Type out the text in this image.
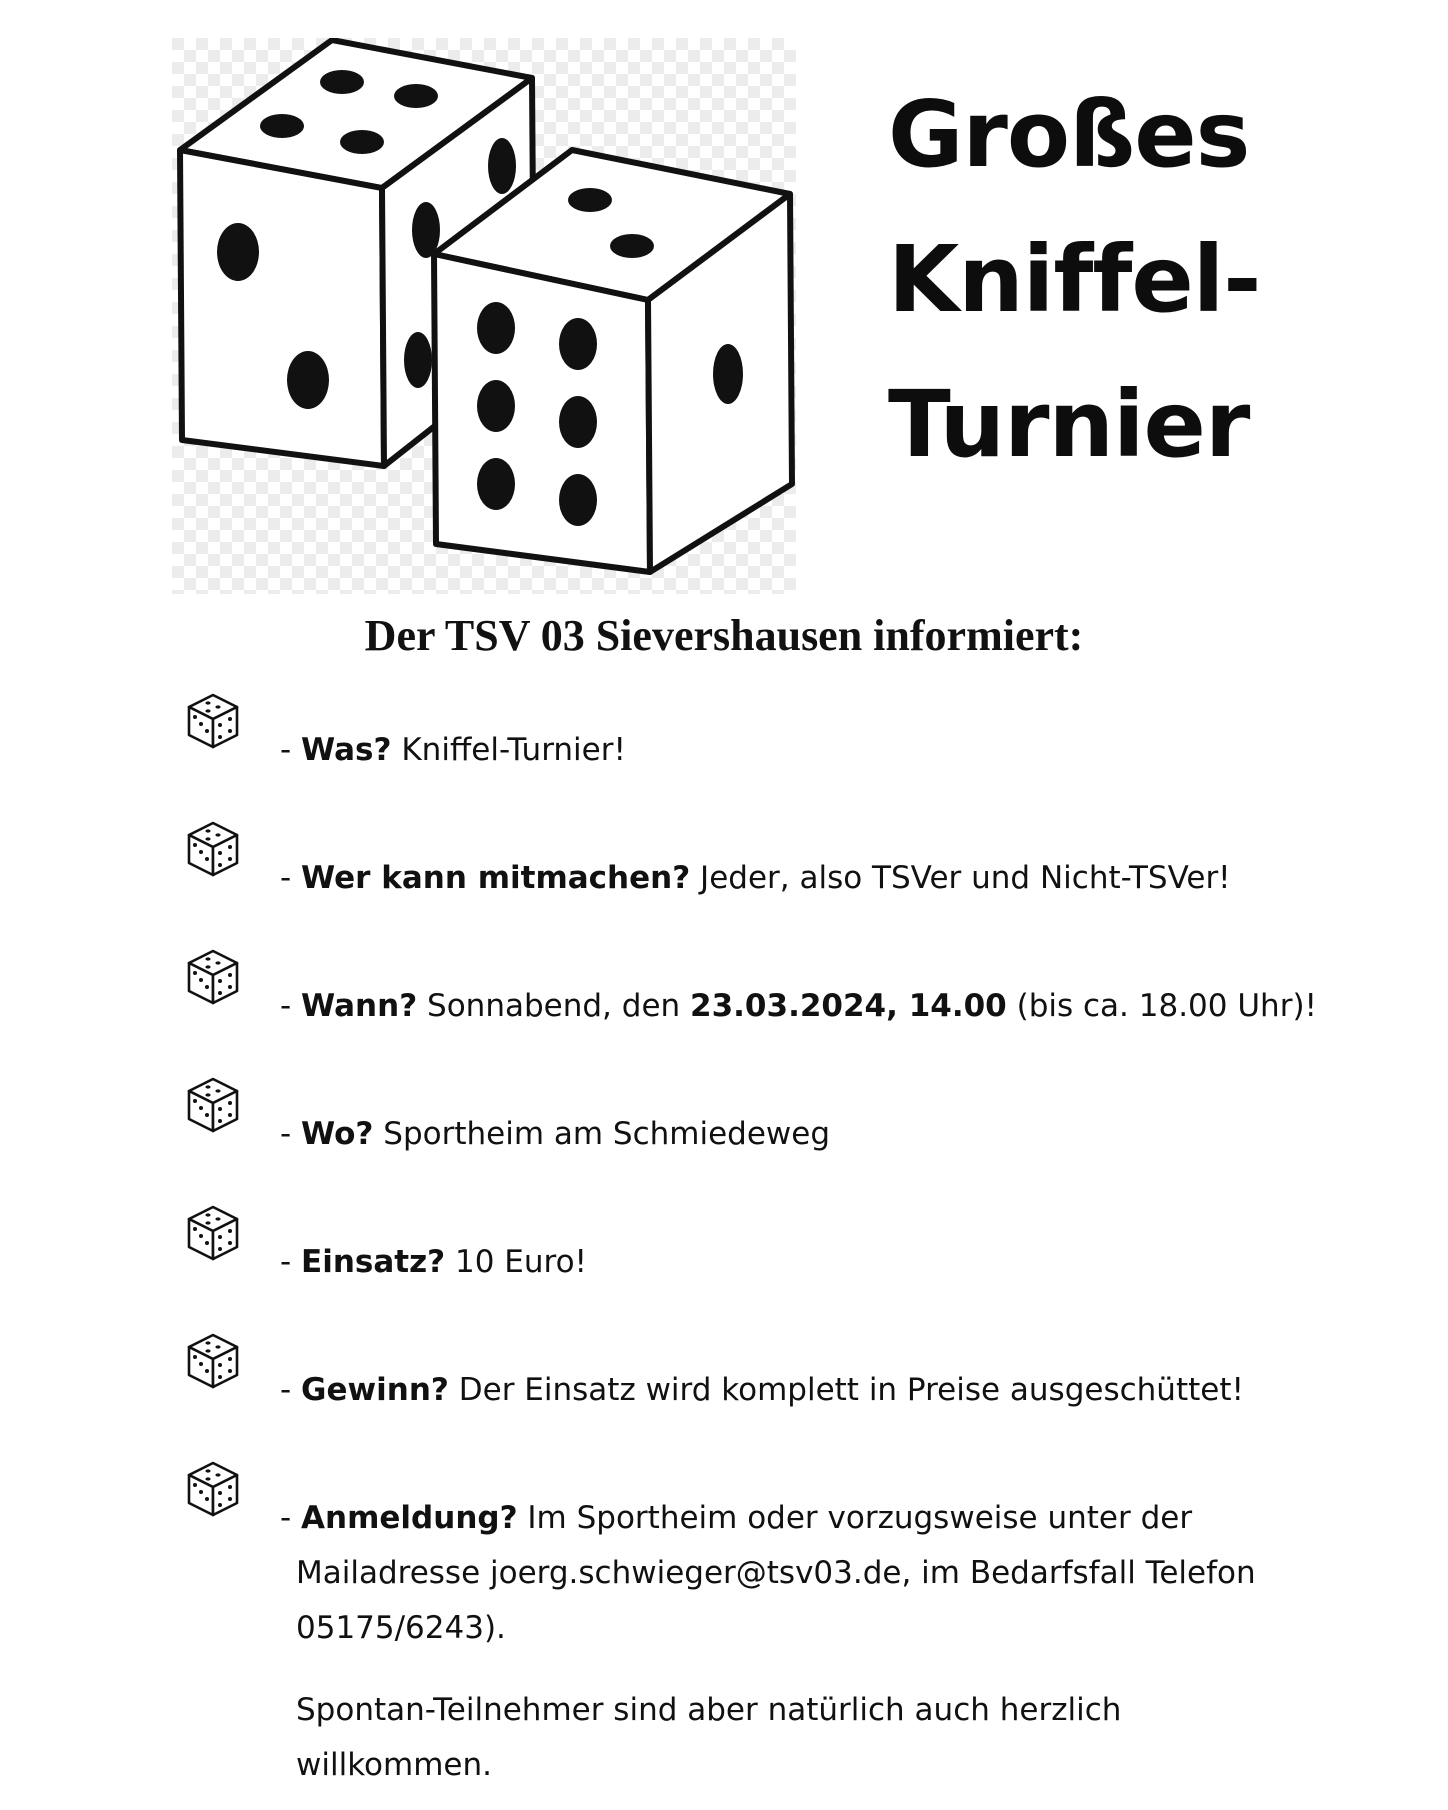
Großes
Kniffel-
Turnier
Der TSV 03 Sievershausen informiert:

- Was? Kniffel-Turnier!

- Wer kann mitmachen? Jeder, also TSVer und Nicht-TSVer!

- Wann? Sonnabend, den 23.03.2024, 14.00 (bis ca. 18.00 Uhr)!

- Wo? Sportheim am Schmiedeweg

- Einsatz? 10 Euro!

- Gewinn? Der Einsatz wird komplett in Preise ausgeschüttet!

- Anmeldung? Im Sportheim oder vorzugsweise unter der

Mailadresse joerg.schwieger@tsv03.de, im Bedarfsfall Telefon

05175/6243).

Spontan-Teilnehmer sind aber natürlich auch herzlich

willkommen.
